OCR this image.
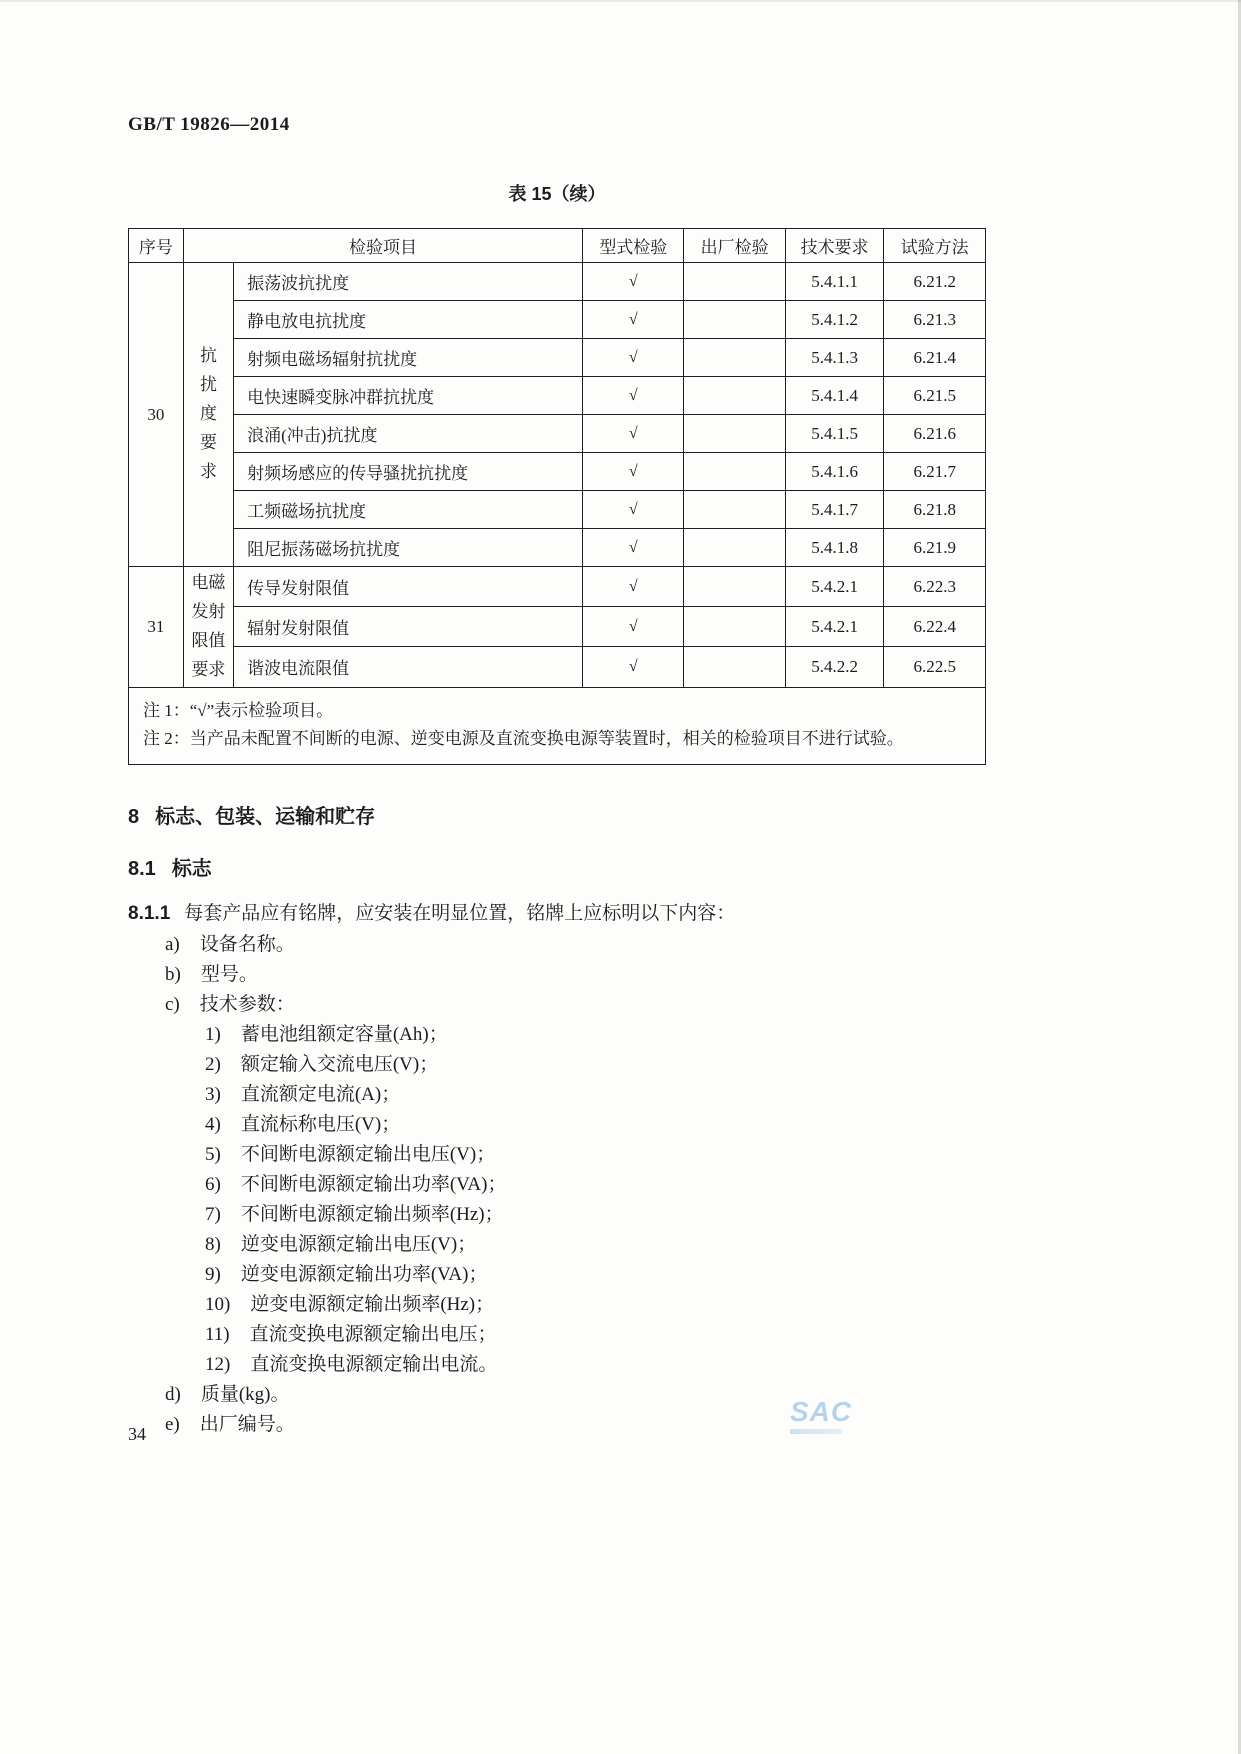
GB/T 19826—2014
表 15（续）
序号	检验项目		型式检验	出厂检验	技术要求	试验方法
30	抗扰度要求	振荡波抗扰度	√		5.4.1.1	6.21.2
		静电放电抗扰度	√		5.4.1.2	6.21.3
		射频电磁场辐射抗扰度	√		5.4.1.3	6.21.4
		电快速瞬变脉冲群抗扰度	√		5.4.1.4	6.21.5
		浪涌(冲击)抗扰度	√		5.4.1.5	6.21.6
		射频场感应的传导骚扰抗扰度	√		5.4.1.6	6.21.7
		工频磁场抗扰度	√		5.4.1.7	6.21.8
		阻尼振荡磁场抗扰度	√		5.4.1.8	6.21.9
31	电磁发射限值要求	传导发射限值	√		5.4.2.1	6.22.3
		辐射发射限值	√		5.4.2.1	6.22.4
		谐波电流限值	√		5.4.2.2	6.22.5

注 1：“√”表示检验项目。
注 2：当产品未配置不间断的电源、逆变电源及直流变换电源等装置时，相关的检验项目不进行试验。						
8 标志、包装、运输和贮存
8.1 标志
8.1.1 每套产品应有铭牌，应安装在明显位置，铭牌上应标明以下内容：
a) 设备名称。
b) 型号。
c) 技术参数：
1) 蓄电池组额定容量(Ah)；
2) 额定输入交流电压(V)；
3) 直流额定电流(A)；
4) 直流标称电压(V)；
5) 不间断电源额定输出电压(V)；
6) 不间断电源额定输出功率(VA)；
7) 不间断电源额定输出频率(Hz)；
8) 逆变电源额定输出电压(V)；
9) 逆变电源额定输出功率(VA)；
10) 逆变电源额定输出频率(Hz)；
11) 直流变换电源额定输出电压；
12) 直流变换电源额定输出电流。
d) 质量(kg)。
e) 出厂编号。
34
SAC
